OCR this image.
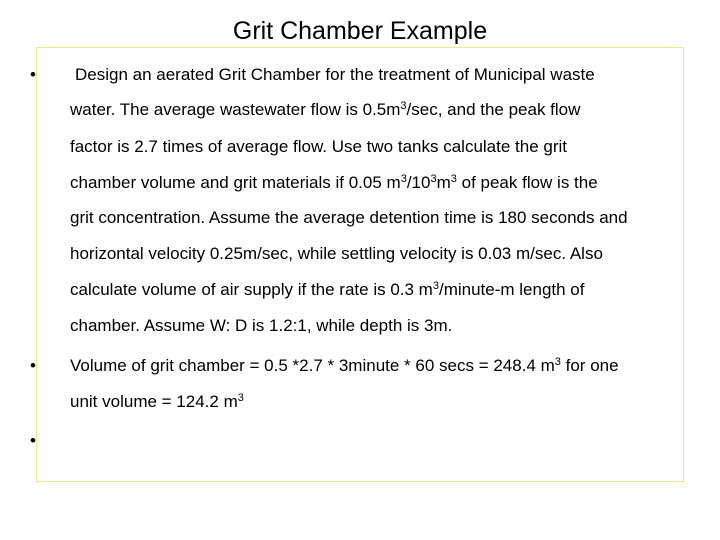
Grit Chamber Example
• Design an aerated Grit Chamber for the treatment of Municipal waste
water. The average wastewater flow is $0.5m^3/\sec$, and the peak flow
factor is 2.7 times of average flow. Use two tanks calculate the grit
chamber volume and grit materials if 0.05 $m^3/10^3m^3$ of peak flow is the
grit concentration. Assume the average detention time is 180 seconds and
horizontal velocity 0.25m/sec, while settling velocity is 0.03 m/sec. Also
calculate volume of air supply if the rate is 0.3 $m^3/minute-m$ length of
chamber. Assume W: D is 1.2:1, while depth is 3m.
• Volume of grit chamber = 0.5 *2.7 * 3minute * 60 secs = 248.4 $m^3$ for one
unit volume = 124.2 $m^3$
•
